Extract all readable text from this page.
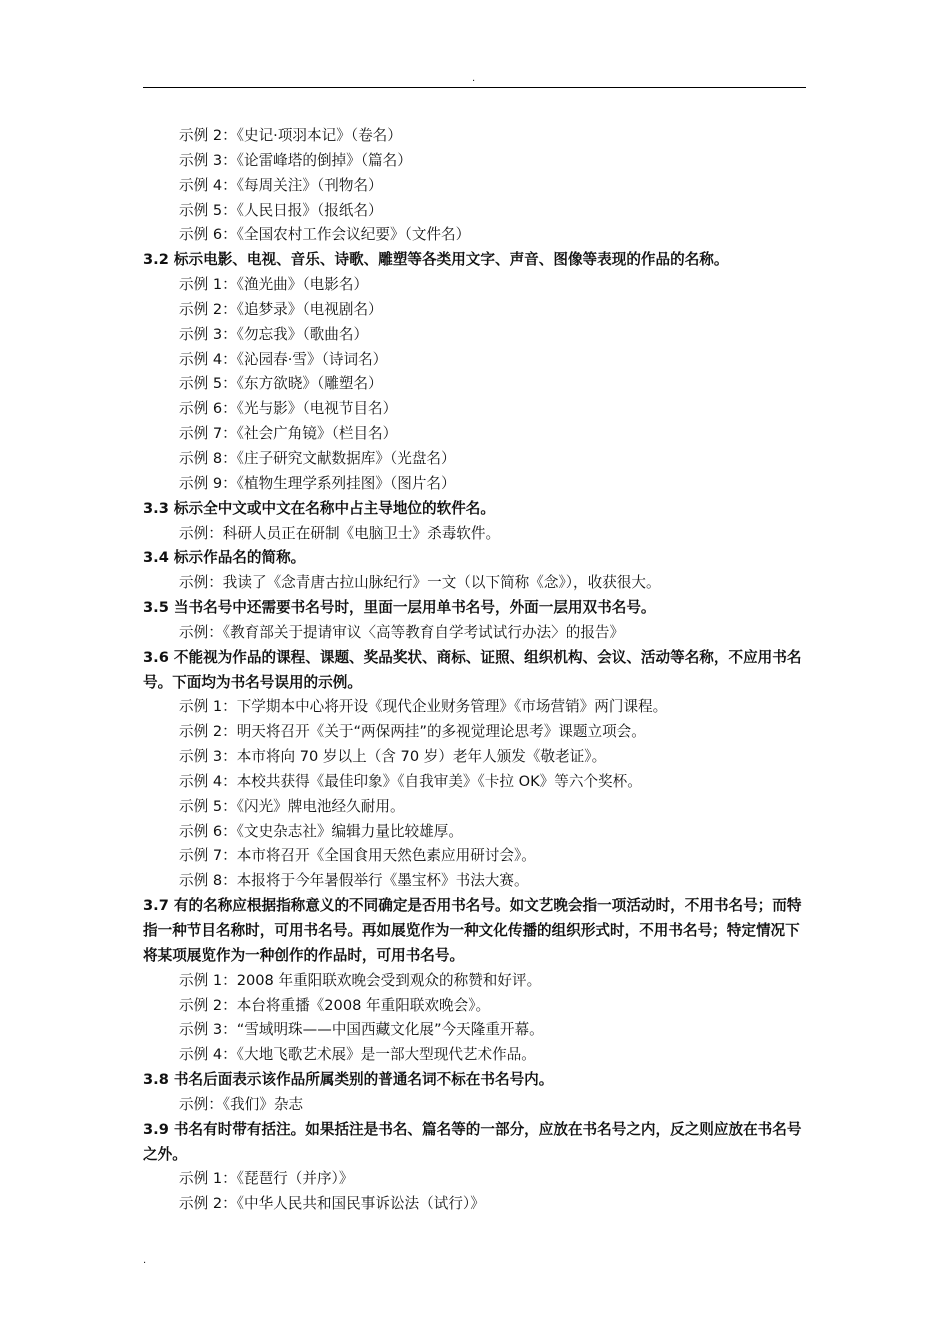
.
示例 2：《史记·项羽本记》（卷名）
示例 3：《论雷峰塔的倒掉》（篇名）
示例 4：《每周关注》（刊物名）
示例 5：《人民日报》（报纸名）
示例 6：《全国农村工作会议纪要》（文件名）
3.2 标示电影、电视、音乐、诗歌、雕塑等各类用文字、声音、图像等表现的作品的名称。
示例 1：《渔光曲》（电影名）
示例 2：《追梦录》（电视剧名）
示例 3：《勿忘我》（歌曲名）
示例 4：《沁园春·雪》（诗词名）
示例 5：《东方欲晓》（雕塑名）
示例 6：《光与影》（电视节目名）
示例 7：《社会广角镜》（栏目名）
示例 8：《庄子研究文献数据库》（光盘名）
示例 9：《植物生理学系列挂图》（图片名）
3.3 标示全中文或中文在名称中占主导地位的软件名。
示例：科研人员正在研制《电脑卫士》杀毒软件。
3.4 标示作品名的简称。
示例：我读了《念青唐古拉山脉纪行》一文（以下简称《念》），收获很大。
3.5 当书名号中还需要书名号时，里面一层用单书名号，外面一层用双书名号。
示例：《教育部关于提请审议〈高等教育自学考试试行办法〉的报告》
3.6 不能视为作品的课程、课题、奖品奖状、商标、证照、组织机构、会议、活动等名称，不应用书名号。下面均为书名号误用的示例。
示例 1：下学期本中心将开设《现代企业财务管理》《市场营销》两门课程。
示例 2：明天将召开《关于“两保两挂”的多视觉理论思考》课题立项会。
示例 3：本市将向 70 岁以上（含 70 岁）老年人颁发《敬老证》。
示例 4：本校共获得《最佳印象》《自我审美》《卡拉 OK》等六个奖杯。
示例 5：《闪光》牌电池经久耐用。
示例 6：《文史杂志社》编辑力量比较雄厚。
示例 7：本市将召开《全国食用天然色素应用研讨会》。
示例 8：本报将于今年暑假举行《墨宝杯》书法大赛。
3.7 有的名称应根据指称意义的不同确定是否用书名号。如文艺晚会指一项活动时，不用书名号；而特指一种节目名称时，可用书名号。再如展览作为一种文化传播的组织形式时，不用书名号；特定情况下将某项展览作为一种创作的作品时，可用书名号。
示例 1：2008 年重阳联欢晚会受到观众的称赞和好评。
示例 2：本台将重播《2008 年重阳联欢晚会》。
示例 3：“雪域明珠——中国西藏文化展”今天隆重开幕。
示例 4：《大地飞歌艺术展》是一部大型现代艺术作品。
3.8 书名后面表示该作品所属类别的普通名词不标在书名号内。
示例：《我们》杂志
3.9 书名有时带有括注。如果括注是书名、篇名等的一部分，应放在书名号之内，反之则应放在书名号之外。
示例 1：《琵琶行（并序）》
示例 2：《中华人民共和国民事诉讼法（试行）》
.
